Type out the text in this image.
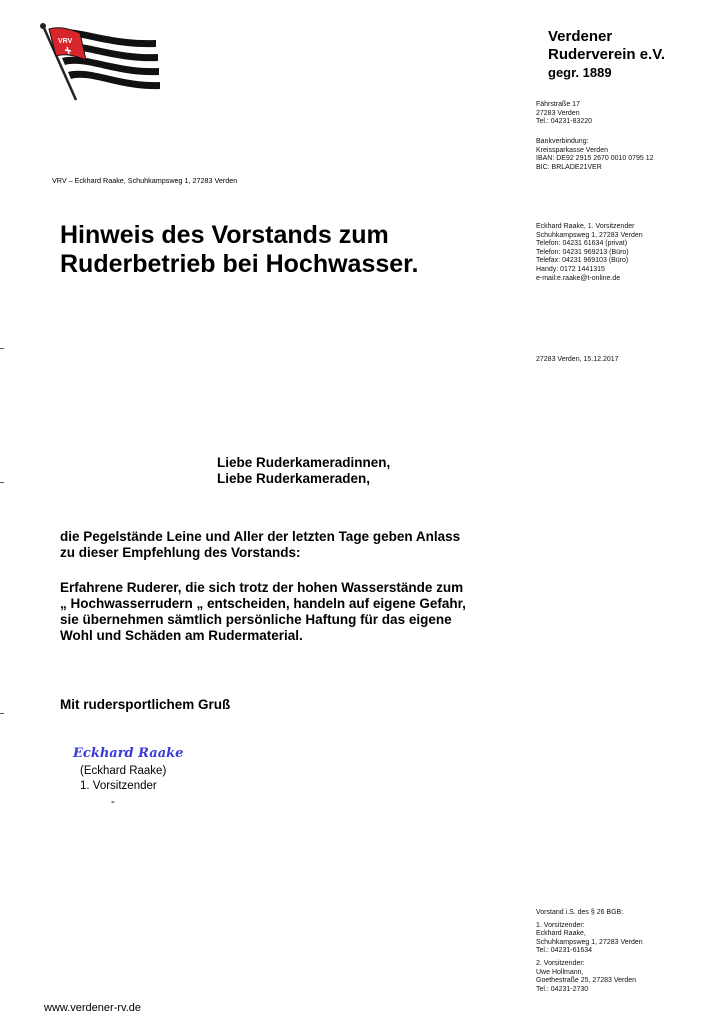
VRV	Verdener
Ruderverein e.V.
gegr. 1889
Fährstraße 17
27283 Verden
Tel.: 04231-83220
Bankverbindung:
Kreissparkasse Verden
IBAN: DE92 2915 2670 0010 0795 12
BIC: BRLADE21VER
VRV – Eckhard Raake, Schuhkampsweg 1, 27283 Verden
Eckhard Raake, 1. Vorsitzender
Schuhkampsweg 1, 27283 Verden
Telefon: 04231 61634 (privat)
Telefon: 04231 969213 (Büro)
Telefax: 04231 969103 (Büro)
Handy: 0172 1441315
e-mail:e.raake@t-online.de
Hinweis des Vorstands zum
Ruderbetrieb bei Hochwasser.
27283 Verden, 15.12.2017
Liebe Ruderkameradinnen,
Liebe Ruderkameraden,
die Pegelstände Leine und Aller der letzten Tage geben Anlass
zu dieser Empfehlung des Vorstands:
Erfahrene Ruderer, die sich trotz der hohen Wasserstände zum
„ Hochwasserrudern „ entscheiden, handeln auf eigene Gefahr,
sie übernehmen sämtlich persönliche Haftung für das eigene
Wohl und Schäden am Rudermaterial.
Mit rudersportlichem Gruß
Eckhard Raake
(Eckhard Raake)
1. Vorsitzender
-
www.verdener-rv.de
Vorstand i.S. des § 26 BGB:
1. Vorsitzender:
Eckhard Raake,
Schuhkampsweg 1, 27283 Verden
Tel.: 04231-61634
2. Vorsitzender:
Uwe Hollmann,
Goethestraße 25, 27283 Verden
Tel.: 04231-2730
